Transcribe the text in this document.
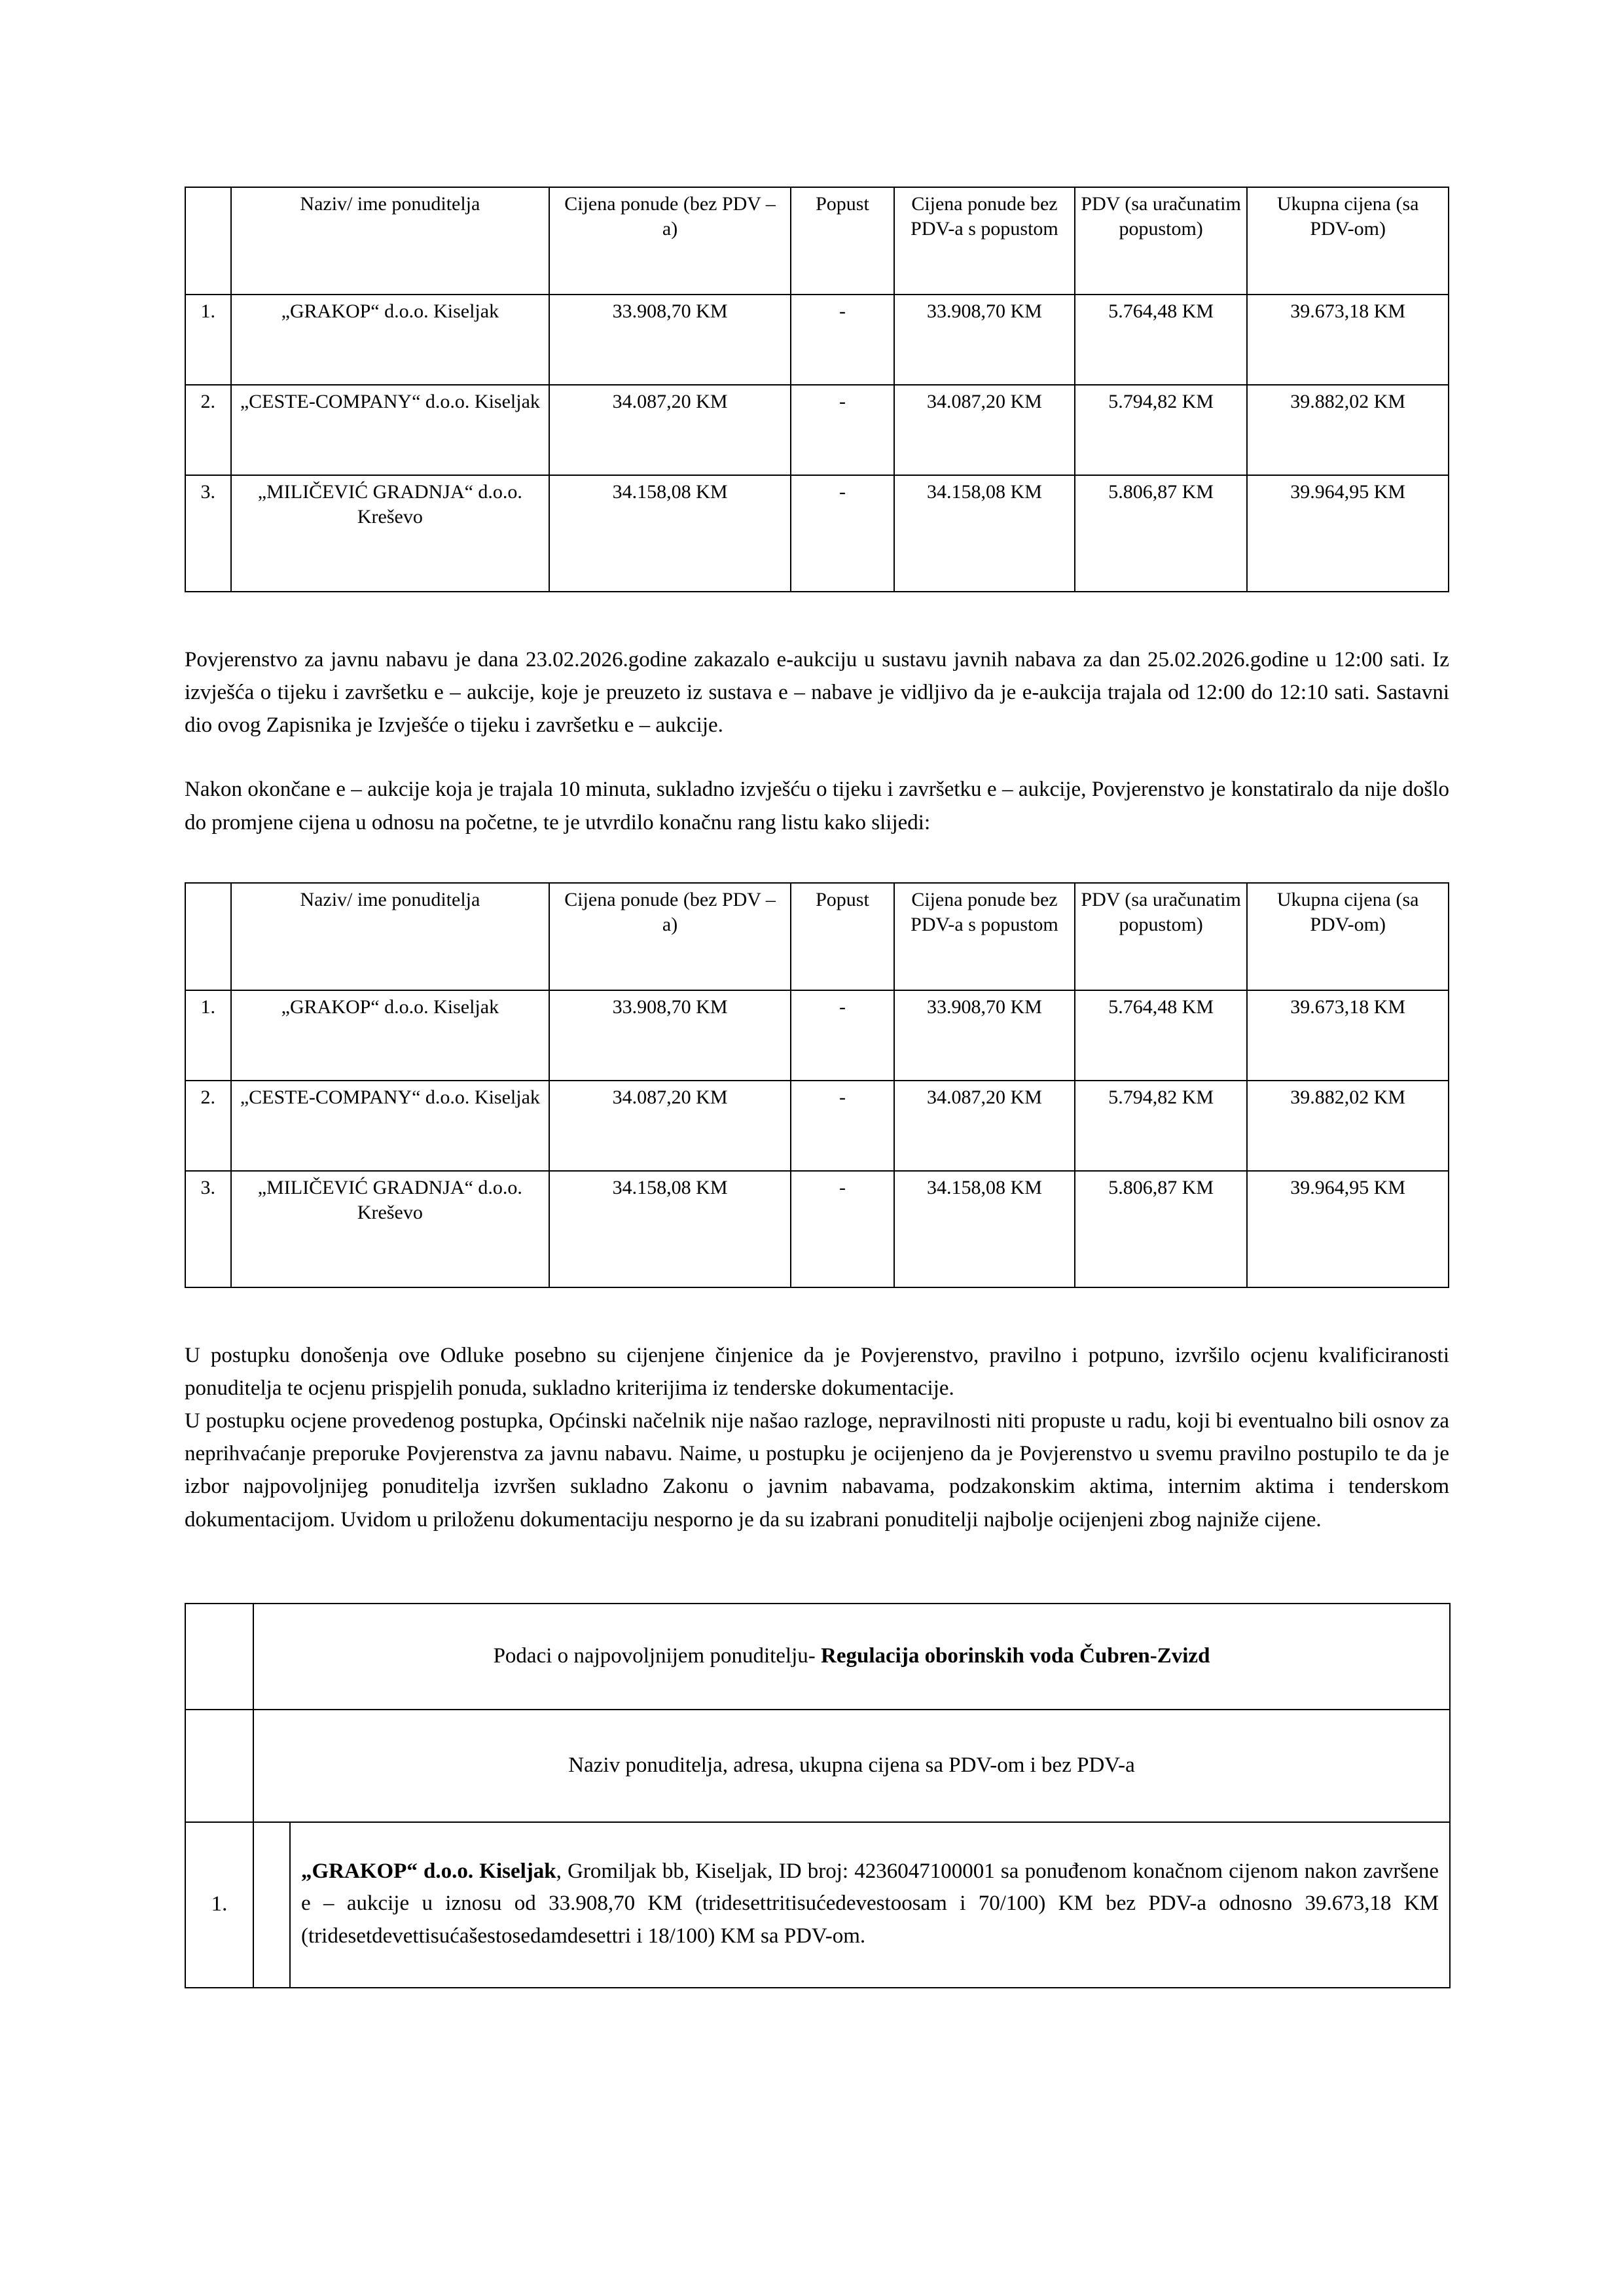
	Naziv/ ime ponuditelja	Cijena ponude (bez PDV – a)	Popust	Cijena ponude bez PDV-a s popustom	PDV (sa uračunatim popustom)	Ukupna cijena (sa PDV-om)
1.	„GRAKOP“ d.o.o. Kiseljak	33.908,70 KM	-	33.908,70 KM	5.764,48 KM	39.673,18 KM
2.	„CESTE-COMPANY“ d.o.o. Kiseljak	34.087,20 KM	-	34.087,20 KM	5.794,82 KM	39.882,02 KM
3.	„MILIČEVIĆ GRADNJA“ d.o.o. Kreševo	34.158,08 KM	-	34.158,08 KM	5.806,87 KM	39.964,95 KM

Povjerenstvo za javnu nabavu je dana 23.02.2026.godine zakazalo e-aukciju u sustavu javnih nabava za dan 25.02.2026.godine u 12:00 sati. Iz izvješća o tijeku i završetku e – aukcije, koje je preuzeto iz sustava e – nabave je vidljivo da je e-aukcija trajala od 12:00 do 12:10 sati. Sastavni dio ovog Zapisnika je Izvješće o tijeku i završetku e – aukcije.

Nakon okončane e – aukcije koja je trajala 10 minuta, sukladno izvješću o tijeku i završetku e – aukcije, Povjerenstvo je konstatiralo da nije došlo do promjene cijena u odnosu na početne, te je utvrdilo konačnu rang listu kako slijedi:

	Naziv/ ime ponuditelja	Cijena ponude (bez PDV – a)	Popust	Cijena ponude bez PDV-a s popustom	PDV (sa uračunatim popustom)	Ukupna cijena (sa PDV-om)
1.	„GRAKOP“ d.o.o. Kiseljak	33.908,70 KM	-	33.908,70 KM	5.764,48 KM	39.673,18 KM
2.	„CESTE-COMPANY“ d.o.o. Kiseljak	34.087,20 KM	-	34.087,20 KM	5.794,82 KM	39.882,02 KM
3.	„MILIČEVIĆ GRADNJA“ d.o.o. Kreševo	34.158,08 KM	-	34.158,08 KM	5.806,87 KM	39.964,95 KM

U postupku donošenja ove Odluke posebno su cijenjene činjenice da je Povjerenstvo, pravilno i potpuno, izvršilo ocjenu kvalificiranosti ponuditelja te ocjenu prispjelih ponuda, sukladno kriterijima iz tenderske dokumentacije.

U postupku ocjene provedenog postupka, Općinski načelnik nije našao razloge, nepravilnosti niti propuste u radu, koji bi eventualno bili osnov za neprihvaćanje preporuke Povjerenstva za javnu nabavu. Naime, u postupku je ocijenjeno da je Povjerenstvo u svemu pravilno postupilo te da je izbor najpovoljnijeg ponuditelja izvršen sukladno Zakonu o javnim nabavama, podzakonskim aktima, internim aktima i tenderskom dokumentacijom. Uvidom u priloženu dokumentaciju nesporno je da su izabrani ponuditelji najbolje ocijenjeni zbog najniže cijene.

	Podaci o najpovoljnijem ponuditelju- Regulacija oborinskih voda Čubren-Zvizd	
	Naziv ponuditelja, adresa, ukupna cijena sa PDV-om i bez PDV-a	
1.		„GRAKOP“ d.o.o. Kiseljak, Gromiljak bb, Kiseljak, ID broj: 4236047100001 sa ponuđenom konačnom cijenom nakon završene e – aukcije u iznosu od 33.908,70 KM (tridesettritisućedevestoosam i 70/100) KM bez PDV-a odnosno 39.673,18 KM (tridesetdevettisućašestosedamdesettri i 18/100) KM sa PDV-om.
